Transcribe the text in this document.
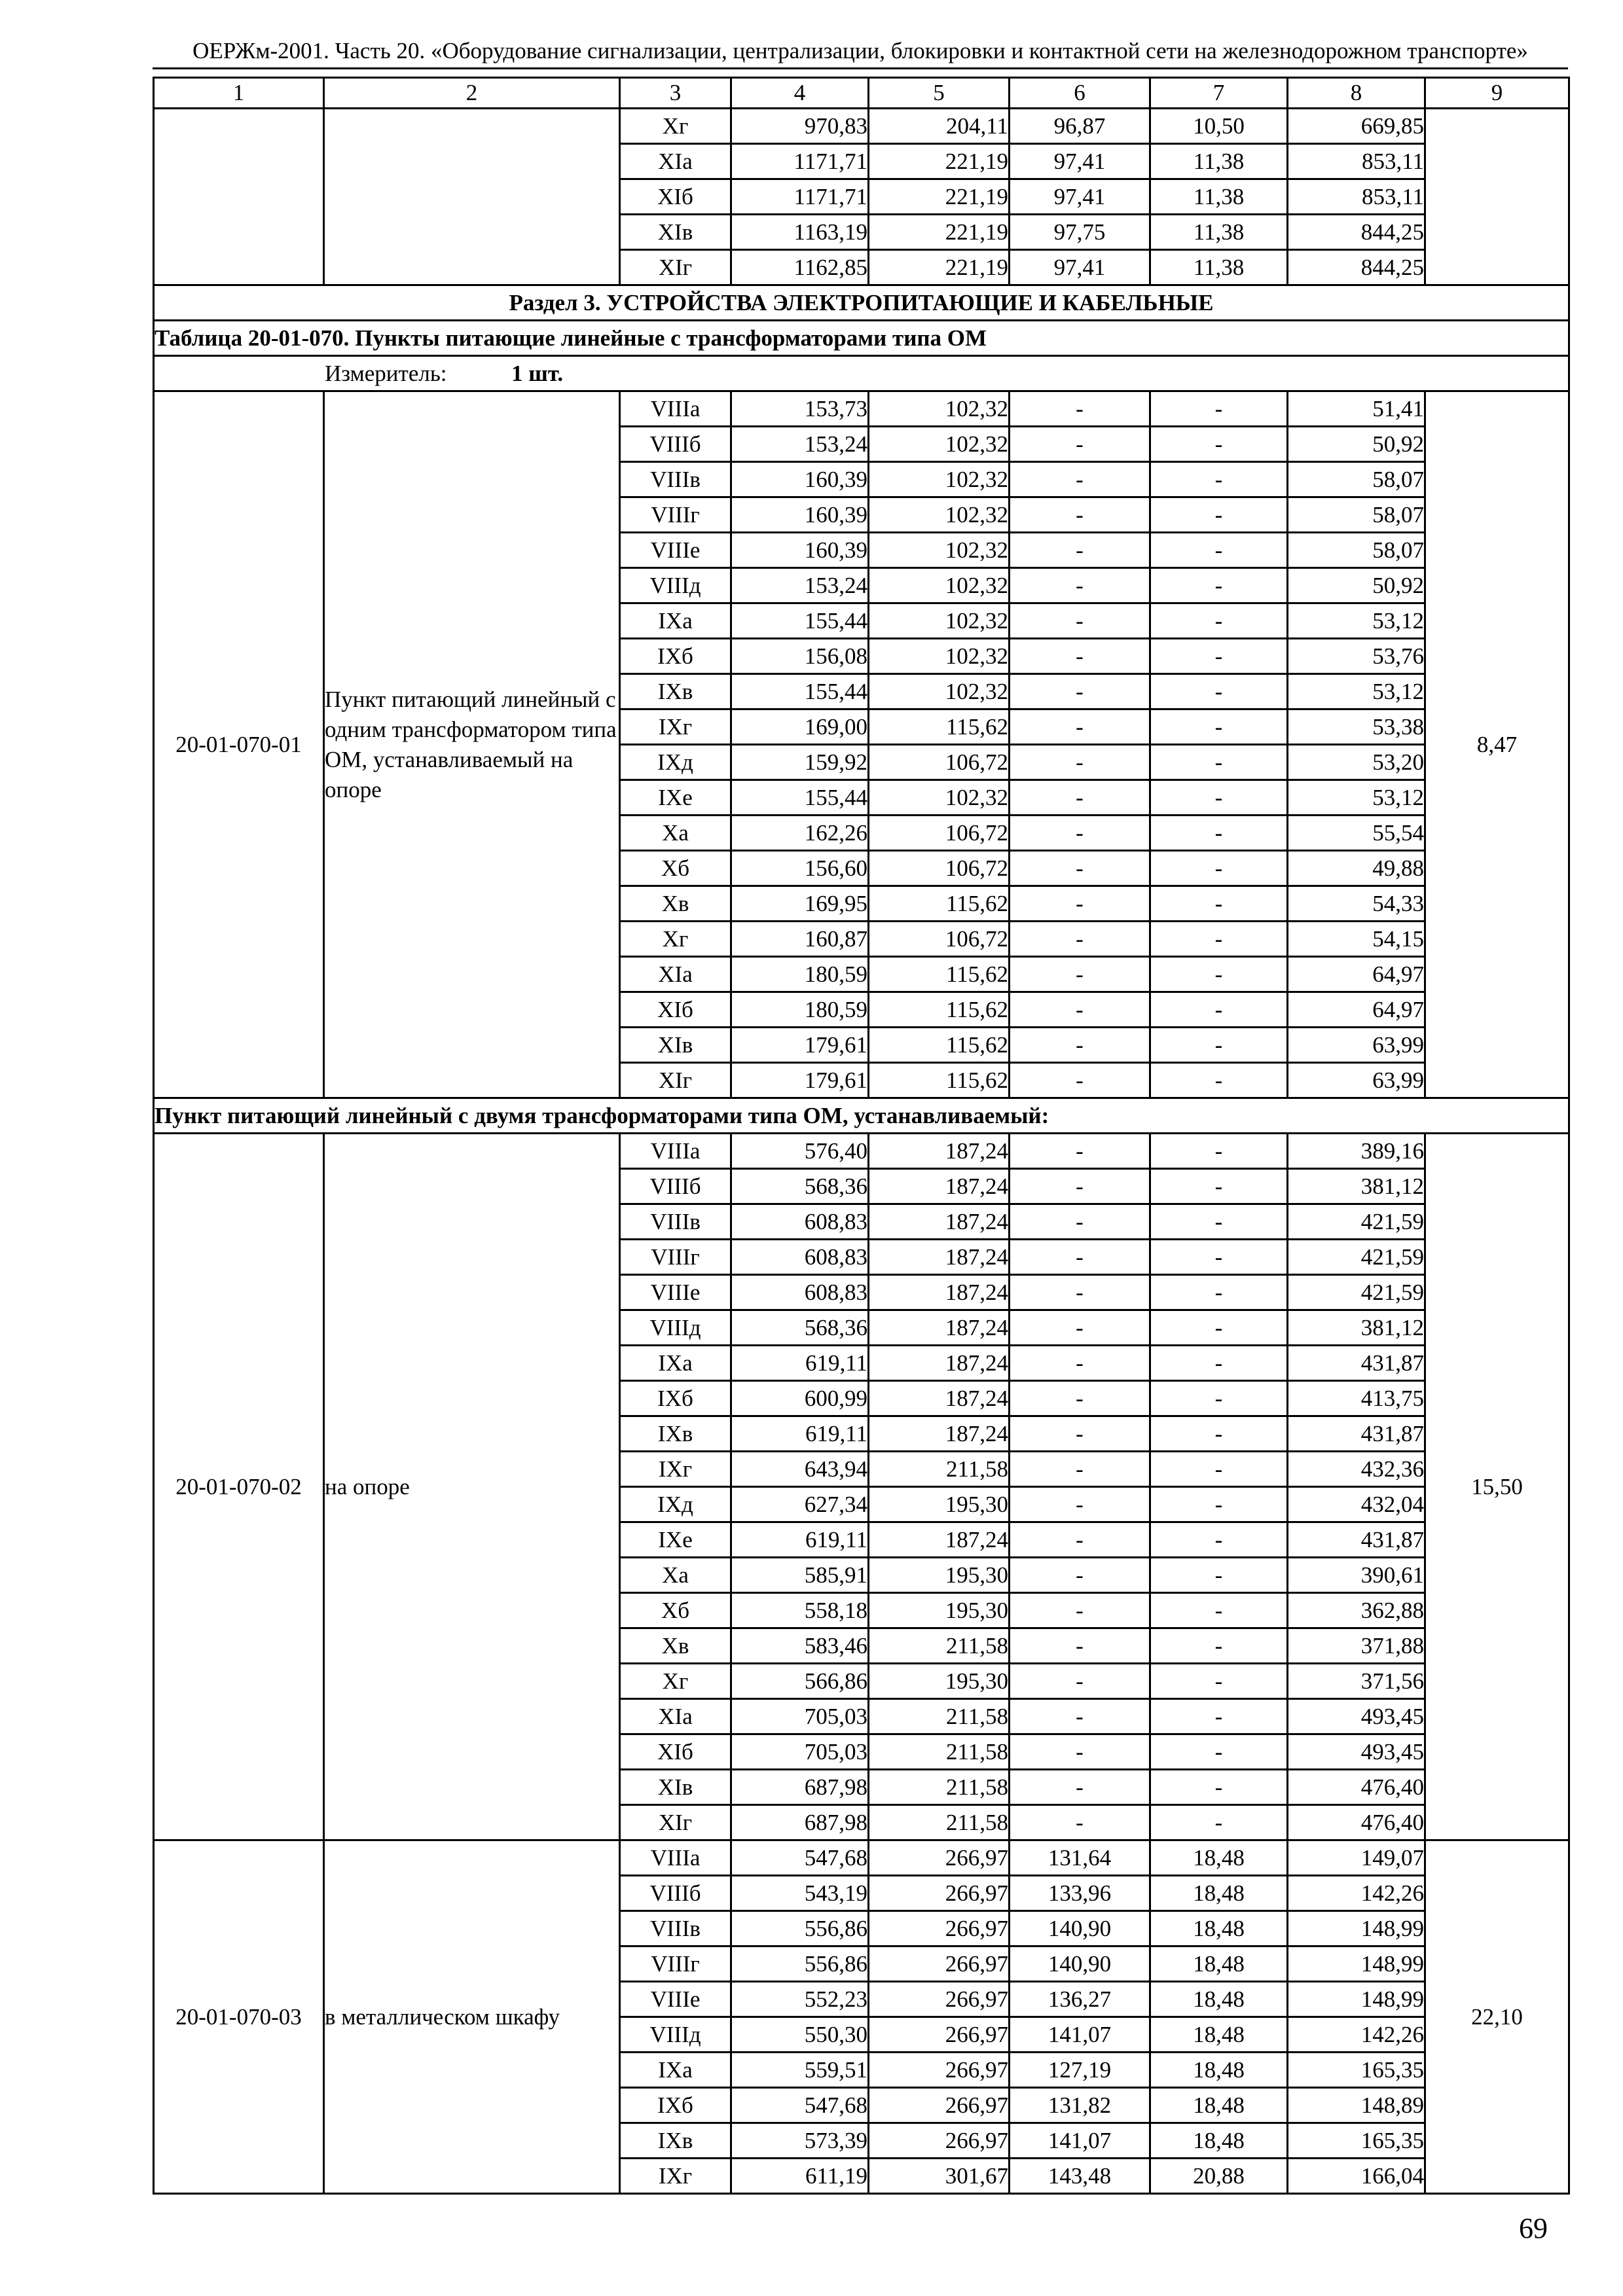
ОЕРЖм-2001. Часть 20. «Оборудование сигнализации, централизации, блокировки и контактной сети на железнодорожном транспорте»
1	2	3	4	5	6	7	8	9
		Хг	970,83	204,11	96,87	10,50	669,85	
		ХIа	1171,71	221,19	97,41	11,38	853,11	
		ХIб	1171,71	221,19	97,41	11,38	853,11	
		ХIв	1163,19	221,19	97,75	11,38	844,25	
		ХIг	1162,85	221,19	97,41	11,38	844,25	
Раздел 3. УСТРОЙСТВА ЭЛЕКТРОПИТАЮЩИЕ И КАБЕЛЬНЫЕ								
Таблица 20-01-070. Пункты питающие линейные с трансформаторами типа ОМ								
Измеритель: 1 шт.								
20-01-070-01	Пункт питающий линейный с одним трансформатором типа ОМ, устанавливаемый на опоре	VIIIа	153,73	102,32	-	-	51,41	8,47
		VIIIб	153,24	102,32	-	-	50,92	
		VIIIв	160,39	102,32	-	-	58,07	
		VIIIг	160,39	102,32	-	-	58,07	
		VIIIе	160,39	102,32	-	-	58,07	
		VIIIд	153,24	102,32	-	-	50,92	
		IХа	155,44	102,32	-	-	53,12	
		IХб	156,08	102,32	-	-	53,76	
		IХв	155,44	102,32	-	-	53,12	
		IХг	169,00	115,62	-	-	53,38	
		IХд	159,92	106,72	-	-	53,20	
		IХе	155,44	102,32	-	-	53,12	
		Ха	162,26	106,72	-	-	55,54	
		Хб	156,60	106,72	-	-	49,88	
		Хв	169,95	115,62	-	-	54,33	
		Хг	160,87	106,72	-	-	54,15	
		ХIа	180,59	115,62	-	-	64,97	
		ХIб	180,59	115,62	-	-	64,97	
		ХIв	179,61	115,62	-	-	63,99	
		ХIг	179,61	115,62	-	-	63,99	
Пункт питающий линейный с двумя трансформаторами типа ОМ, устанавливаемый:								
20-01-070-02	на опоре	VIIIа	576,40	187,24	-	-	389,16	15,50
		VIIIб	568,36	187,24	-	-	381,12	
		VIIIв	608,83	187,24	-	-	421,59	
		VIIIг	608,83	187,24	-	-	421,59	
		VIIIе	608,83	187,24	-	-	421,59	
		VIIIд	568,36	187,24	-	-	381,12	
		IХа	619,11	187,24	-	-	431,87	
		IХб	600,99	187,24	-	-	413,75	
		IХв	619,11	187,24	-	-	431,87	
		IХг	643,94	211,58	-	-	432,36	
		IХд	627,34	195,30	-	-	432,04	
		IХе	619,11	187,24	-	-	431,87	
		Ха	585,91	195,30	-	-	390,61	
		Хб	558,18	195,30	-	-	362,88	
		Хв	583,46	211,58	-	-	371,88	
		Хг	566,86	195,30	-	-	371,56	
		ХIа	705,03	211,58	-	-	493,45	
		ХIб	705,03	211,58	-	-	493,45	
		ХIв	687,98	211,58	-	-	476,40	
		ХIг	687,98	211,58	-	-	476,40	
20-01-070-03	в металлическом шкафу	VIIIа	547,68	266,97	131,64	18,48	149,07	22,10
		VIIIб	543,19	266,97	133,96	18,48	142,26	
		VIIIв	556,86	266,97	140,90	18,48	148,99	
		VIIIг	556,86	266,97	140,90	18,48	148,99	
		VIIIе	552,23	266,97	136,27	18,48	148,99	
		VIIIд	550,30	266,97	141,07	18,48	142,26	
		IХа	559,51	266,97	127,19	18,48	165,35	
		IХб	547,68	266,97	131,82	18,48	148,89	
		IХв	573,39	266,97	141,07	18,48	165,35	
		IХг	611,19	301,67	143,48	20,88	166,04	
69
